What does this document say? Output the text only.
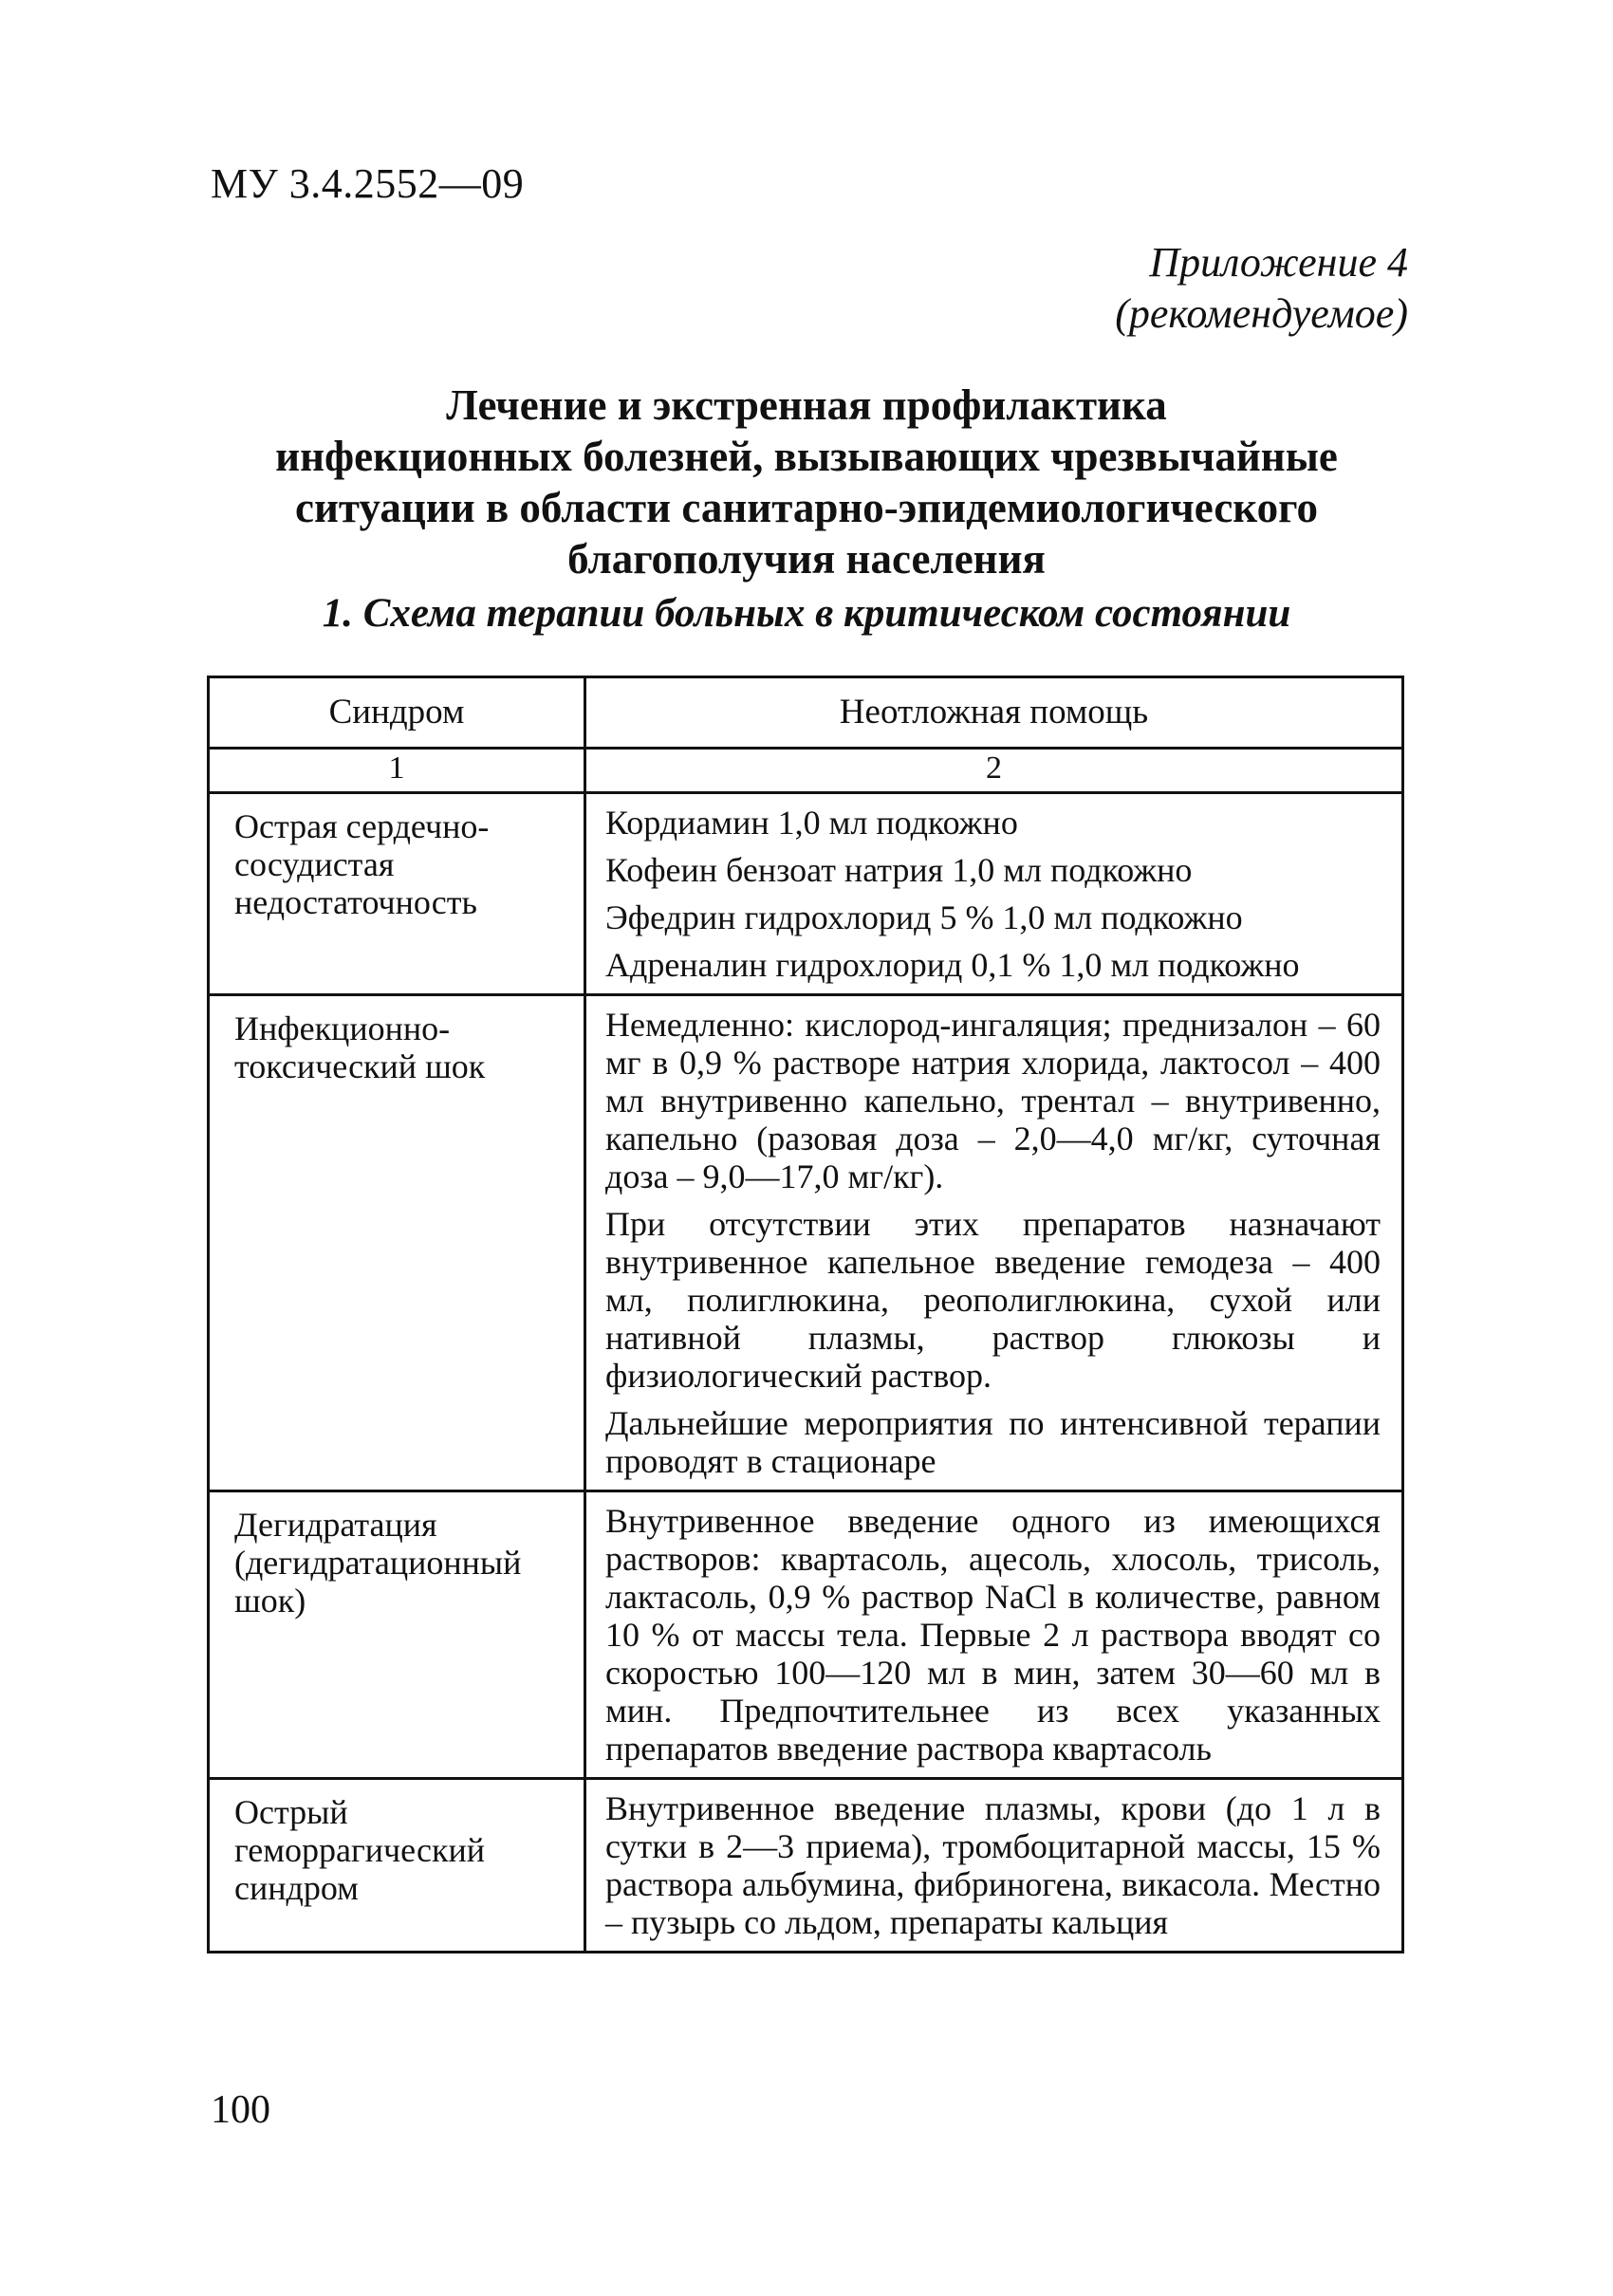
МУ 3.4.2552—09
Приложение 4
(рекомендуемое)
Лечение и экстренная профилактика
инфекционных болезней, вызывающих чрезвычайные
ситуации в области санитарно-эпидемиологического
благополучия населения
1. Схема терапии больных в критическом состоянии
Синдром	Неотложная помощь
1	2
Острая сердечно-сосудистая недостаточность	Кордиамин 1,0 мл подкожно

Кофеин бензоат натрия 1,0 мл подкожно

Эфедрин гидрохлорид 5 % 1,0 мл подкожно

Адреналин гидрохлорид 0,1 % 1,0 мл подкожно

Инфекционно-токсический шок	Немедленно: кислород-ингаляция; преднизалон – 60 мг в 0,9 % растворе натрия хлорида, лактосол – 400 мл внутривенно капельно, трентал – внутривенно, капельно (разовая доза – 2,0—4,0 мг/кг, суточная доза – 9,0—17,0 мг/кг).

При отсутствии этих препаратов назначают внутривенное капельное введение гемодеза – 400 мл, полиглюкина, реополиглюкина, сухой или нативной плазмы, раствор глюкозы и физиологический раствор.

Дальнейшие мероприятия по интенсивной терапии проводят в стационаре

Дегидратация (дегидратационный шок)	Внутривенное введение одного из имеющихся растворов: квартасоль, ацесоль, хлосоль, трисоль, лактасоль, 0,9 % раствор NaCl в количестве, равном 10 % от массы тела. Первые 2 л раствора вводят со скоростью 100—120 мл в мин, затем 30—60 мл в мин. Предпочтительнее из всех указанных препаратов введение раствора квартасоль

Острый геморрагический синдром	Внутривенное введение плазмы, крови (до 1 л в сутки в 2—3 приема), тромбоцитарной массы, 15 % раствора альбумина, фибриногена, викасола. Местно – пузырь со льдом, препараты кальция

100
